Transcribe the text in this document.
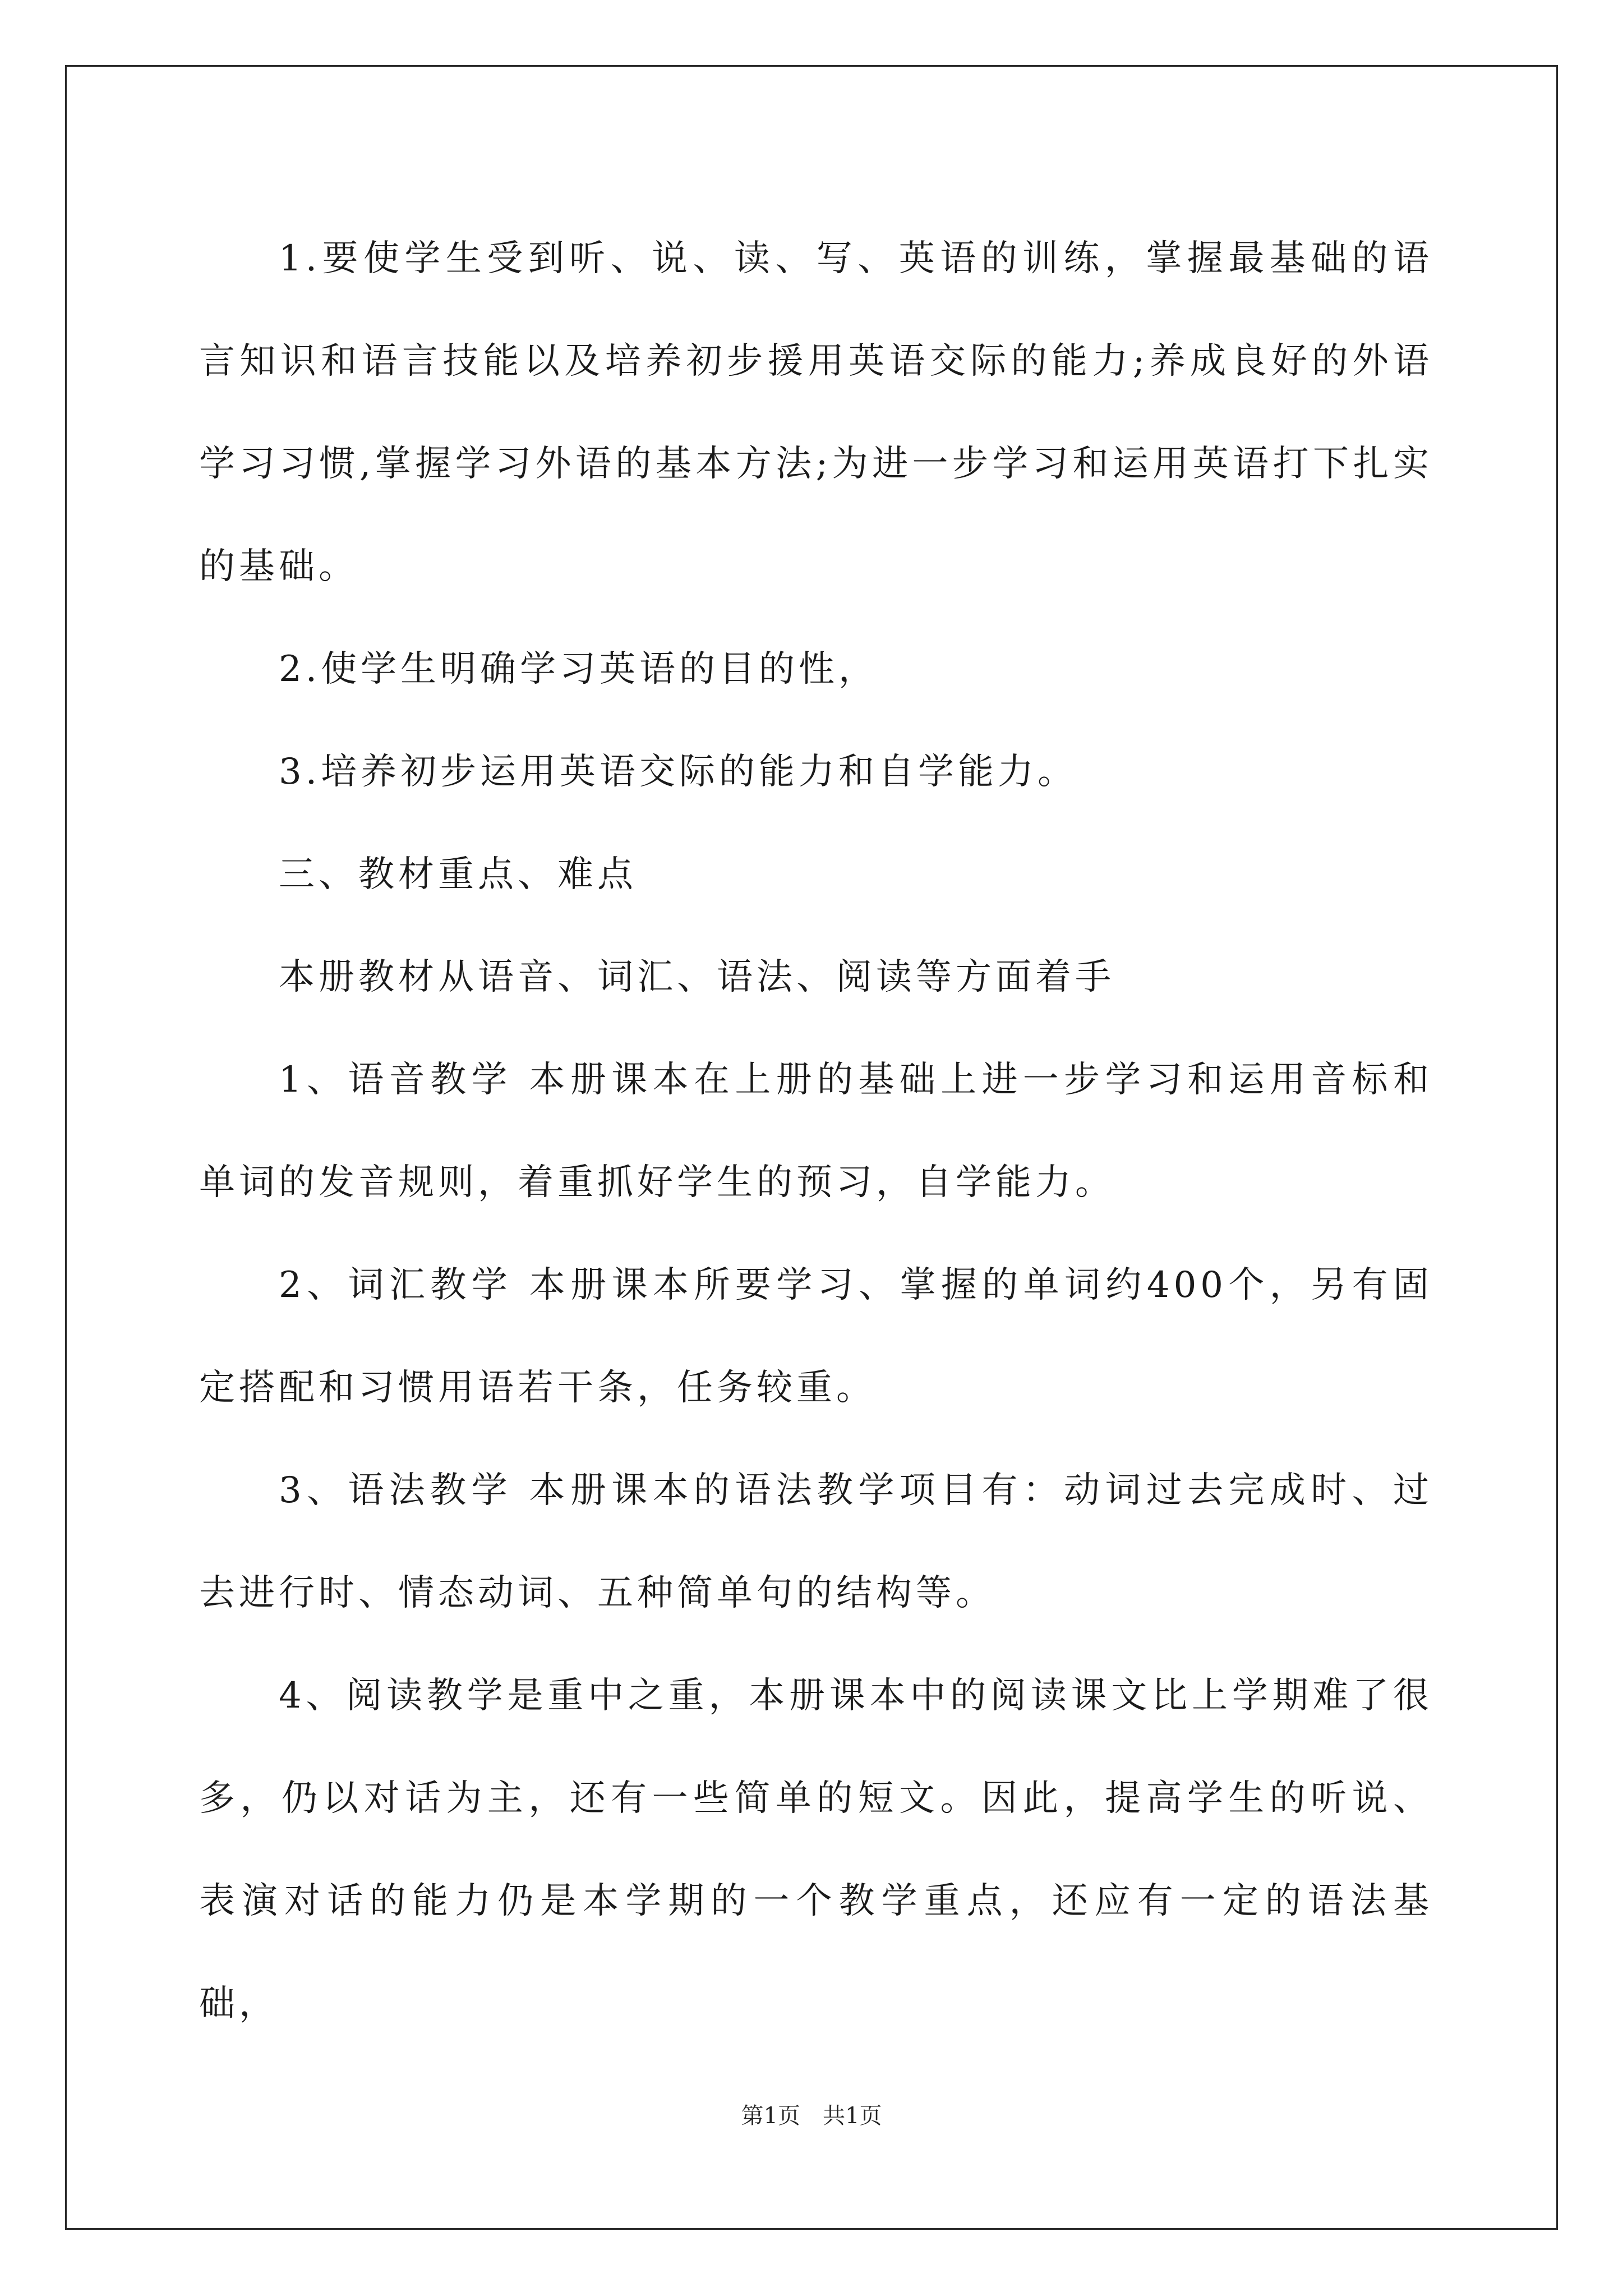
1.要使学生受到听、说、读、写、英语的训练，掌握最基础的语言知识和语言技能以及培养初步援用英语交际的能力;养成良好的外语学习习惯,掌握学习外语的基本方法;为进一步学习和运用英语打下扎实的基础。

2.使学生明确学习英语的目的性，

3.培养初步运用英语交际的能力和自学能力。

三、教材重点、难点

本册教材从语音、词汇、语法、阅读等方面着手

1、语音教学 本册课本在上册的基础上进一步学习和运用音标和单词的发音规则，着重抓好学生的预习，自学能力。

2、词汇教学 本册课本所要学习、掌握的单词约400个，另有固定搭配和习惯用语若干条，任务较重。

3、语法教学 本册课本的语法教学项目有：动词过去完成时、过去进行时、情态动词、五种简单句的结构等。

4、阅读教学是重中之重，本册课本中的阅读课文比上学期难了很多，仍以对话为主，还有一些简单的短文。因此，提高学生的听说、表演对话的能力仍是本学期的一个教学重点，还应有一定的语法基础，

第1页　共1页
